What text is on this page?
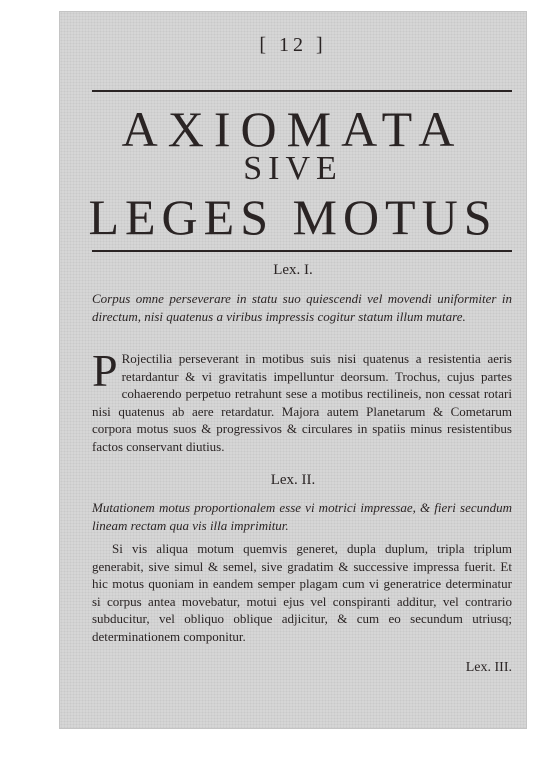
[ 12 ]
AXIOMATA
SIVE
LEGES MOTUS
Lex. I.
Corpus omne perseverare in statu suo quiescendi vel movendi uniformiter in directum, nisi quatenus a viribus impressis cogitur statum illum mutare.
P Rojectilia perseverant in motibus suis nisi quatenus a resistentia aeris retardantur & vi gravitatis impelluntur deorsum. Trochus, cujus partes cohaerendo perpetuo retrahunt sese a motibus rectilineis, non cessat rotari nisi quatenus ab aere retardatur. Majora autem Planetarum & Cometarum corpora motus suos & progressivos & circulares in spatiis minus resistentibus factos conservant diutius.
Lex. II.
Mutationem motus proportionalem esse vi motrici impressae, & fieri secundum lineam rectam qua vis illa imprimitur.
Si vis aliqua motum quemvis generet, dupla duplum, tripla triplum generabit, sive simul & semel, sive gradatim & successive impressa fuerit. Et hic motus quoniam in eandem semper plagam cum vi generatrice determinatur si corpus antea movebatur, motui ejus vel conspiranti additur, vel contrario subducitur, vel obliquo oblique adjicitur, & cum eo secundum utriusq; determinationem componitur.
Lex. III.
